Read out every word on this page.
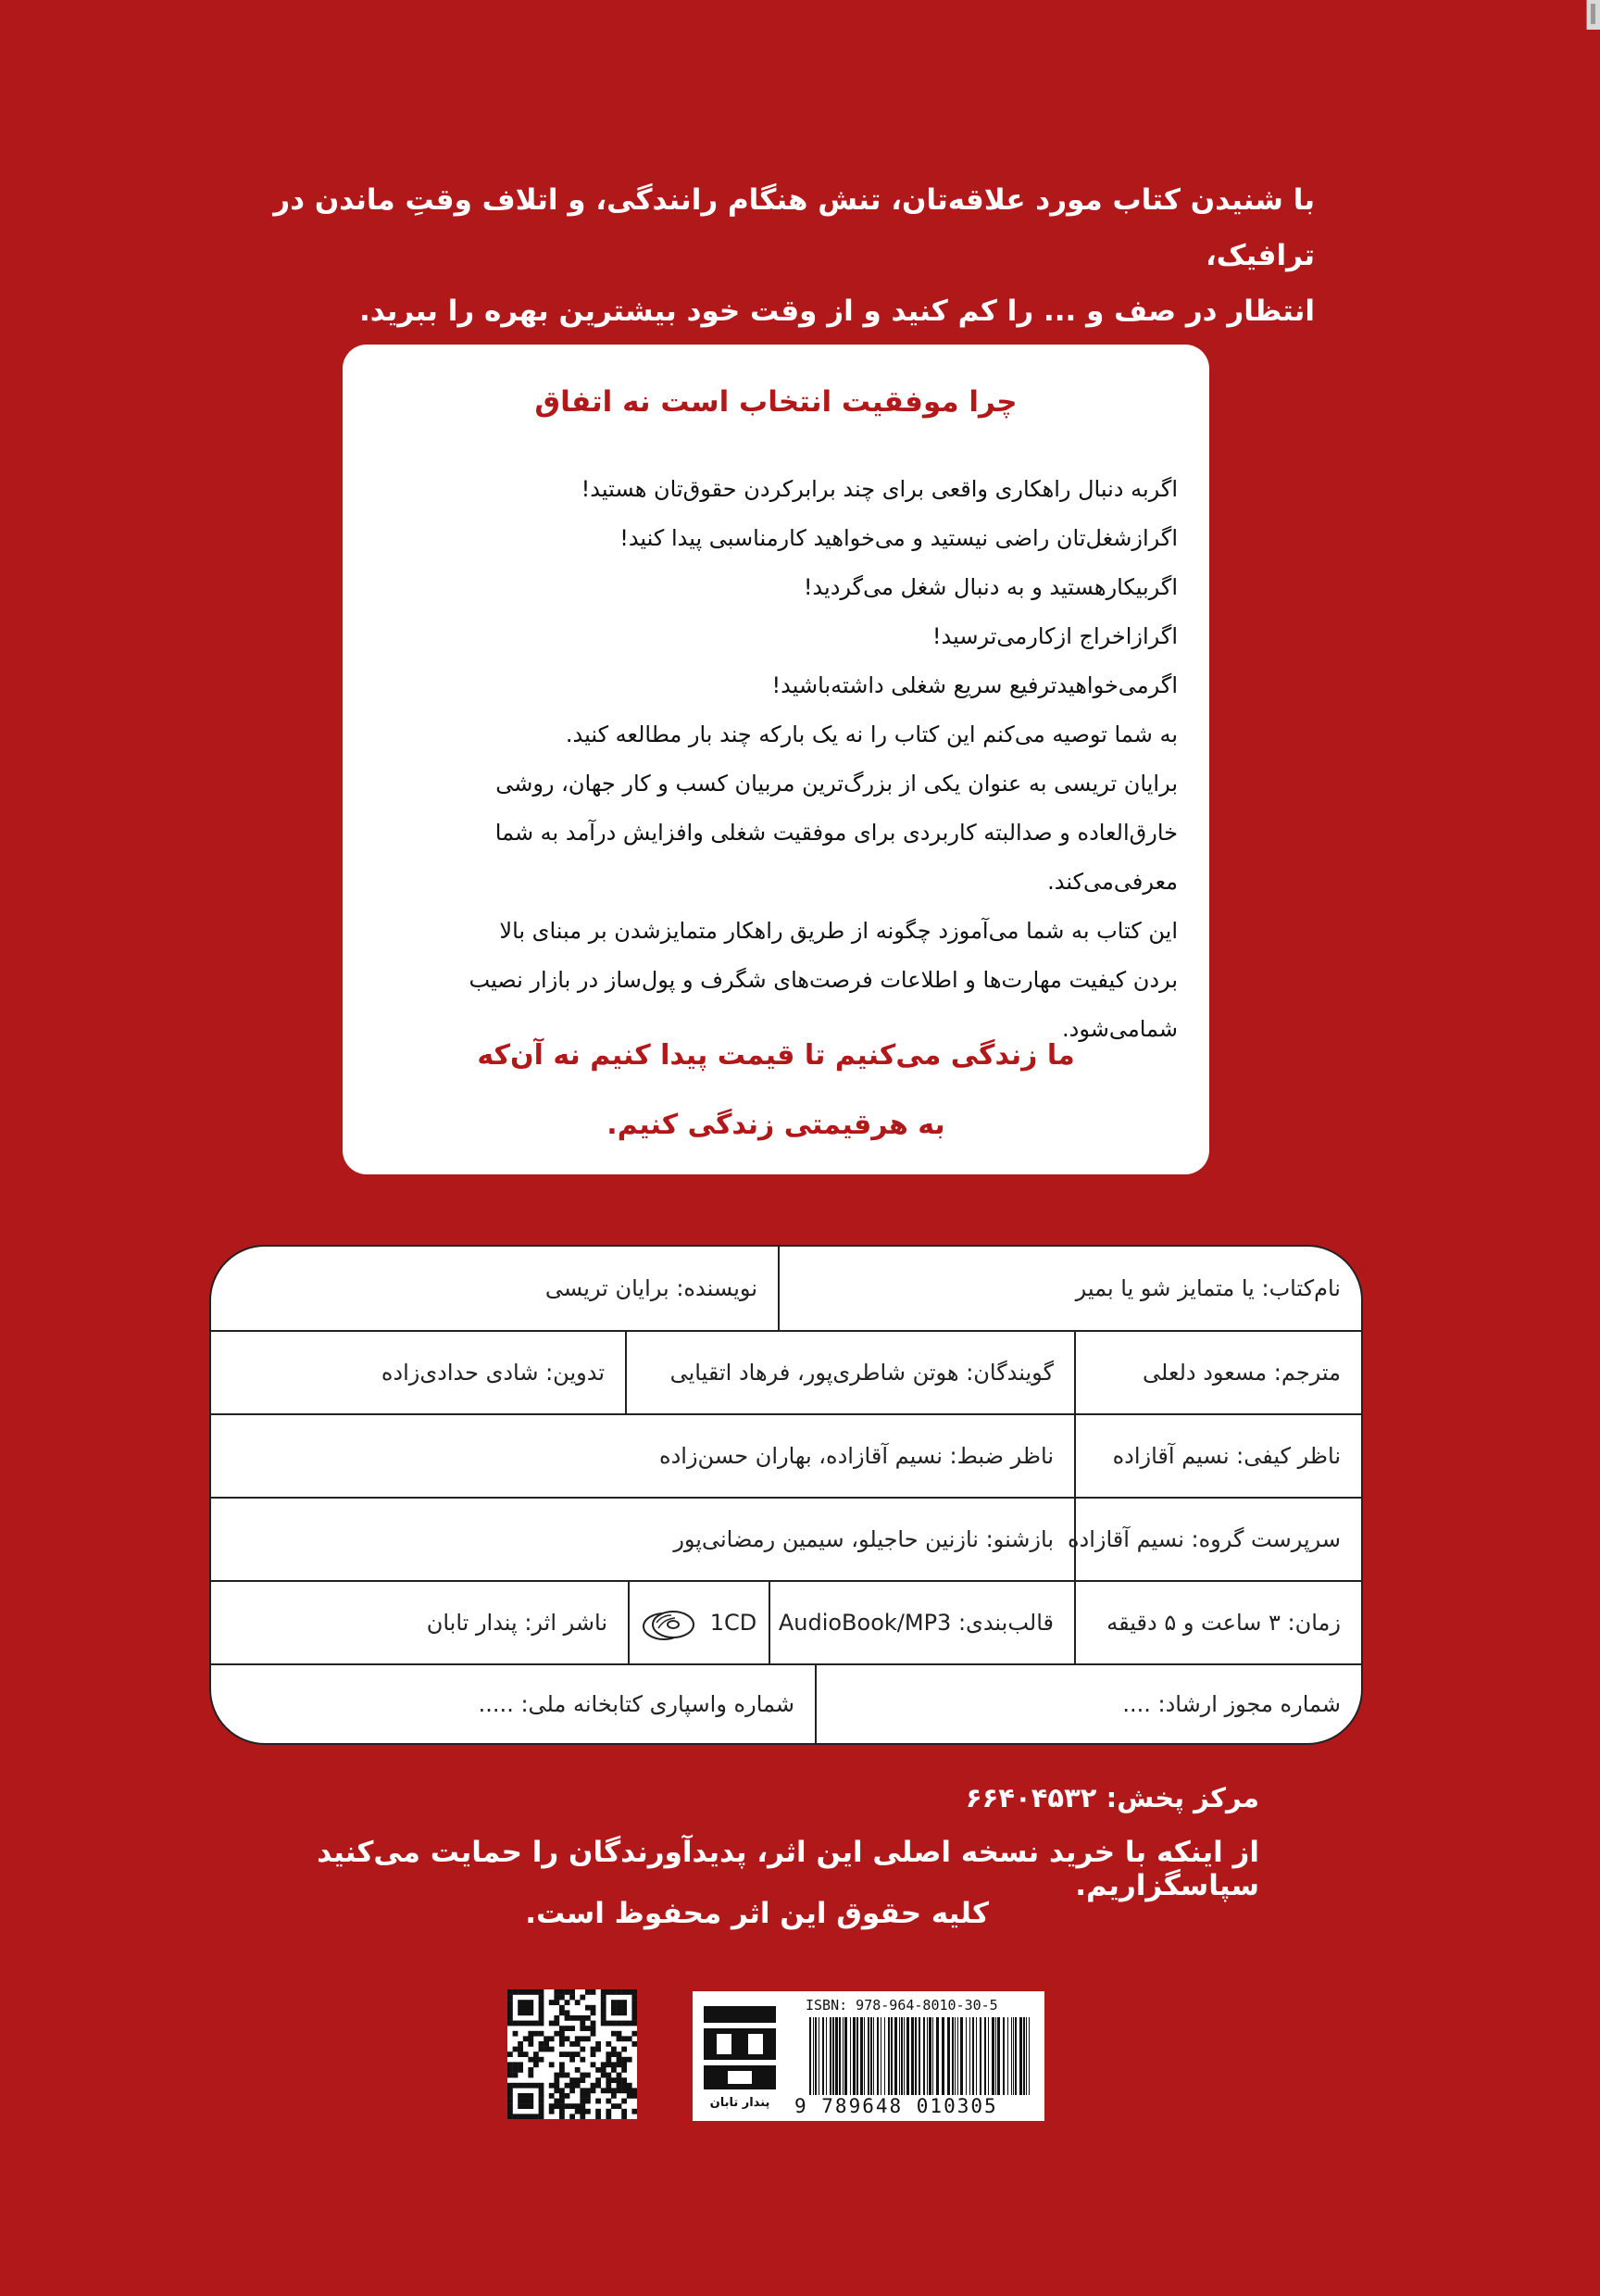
با شنیدن کتاب مورد علاقه‌تان، تنش هنگام رانندگی، و اتلاف وقتِ ماندن در ترافیک،
انتظار در صف و ... را کم کنید و از وقت خود بیشترین بهره را ببرید.
چرا موفقیت انتخاب است نه اتفاق
اگربه دنبال راهکاری واقعی برای چند برابرکردن حقوق‌تان هستید!
اگرازشغل‌تان راضی نیستید و می‌خواهید کارمناسبی پیدا کنید!
اگربیکارهستید و به دنبال شغل می‌گردید!
اگرازاخراج ازکارمی‌ترسید!
اگرمی‌خواهیدترفیع سریع شغلی داشته‌باشید!
به شما توصیه می‌کنم این کتاب را نه یک بارکه چند بار مطالعه کنید.
برایان تریسی به عنوان یکی از بزرگ‌ترین مربیان کسب و کار جهان، روشی
خارق‌العاده و صدالبته کاربردی برای موفقیت شغلی وافزایش درآمد به شما
معرفی‌می‌کند.
این کتاب به شما می‌آموزد چگونه از طریق راهکار متمایزشدن بر مبنای بالا
بردن کیفیت مهارت‌ها و اطلاعات فرصت‌های شگرف و پول‌ساز در بازار نصیب
شمامی‌شود.
ما زندگی می‌کنیم تا قیمت پیدا کنیم نه آن‌که
به هرقیمتی زندگی کنیم.
نام‌کتاب: یا متمایز شو یا بمیر
نویسنده: برایان تریسی
مترجم: مسعود دلعلی
گویندگان: هوتن شاطری‌پور، فرهاد اتقیایی
تدوین: شادی حدادی‌زاده
ناظر کیفی: نسیم آقازاده
ناظر ضبط: نسیم آقازاده، بهاران حسن‌زاده
سرپرست گروه: نسیم آقازاده
بازشنو: نازنین حاجیلو، سیمین رمضانی‌پور
زمان: ۳ ساعت و ۵ دقیقه
قالب‌بندی: AudioBook/MP3
1CD
ناشر اثر: پندار تابان
شماره مجوز ارشاد: ....
شماره واسپاری کتابخانه ملی: .....
مرکز پخش: ۶۶۴۰۴۵۳۲
از اینکه با خرید نسخه اصلی این اثر، پدیدآورندگان را حمایت می‌کنید سپاسگزاریم.
کلیه حقوق این اثر محفوظ است.
پندار تابان
ISBN: 978-964-8010-30-5
9 789648 010305
